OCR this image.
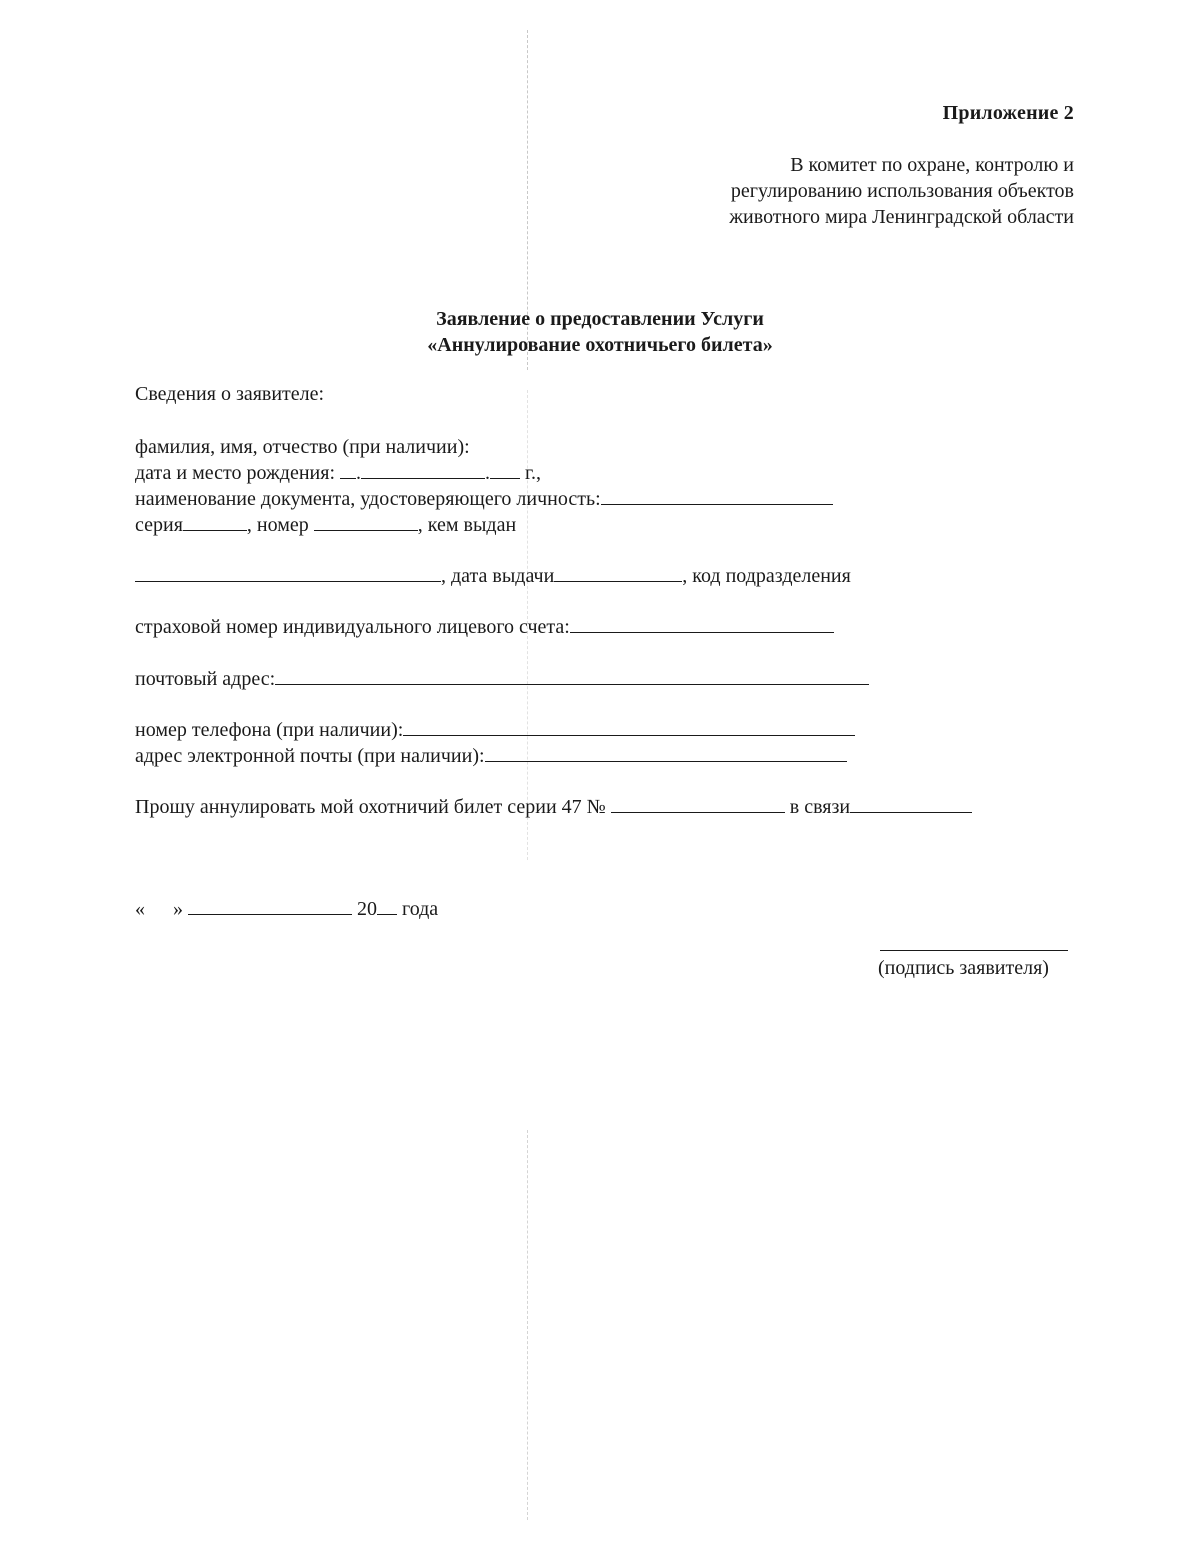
Приложение 2
В комитет по охране, контролю и
регулированию использования объектов
животного мира Ленинградской области
Заявление о предоставлении Услуги
«Аннулирование охотничьего билета»
Сведения о заявителе:
фамилия, имя, отчество (при наличии):
дата и место рождения: .	. г.,
наименование документа, удостоверяющего личность:
серия	, номер	, кем выдан
, дата выдачи	, код подразделения
страховой номер индивидуального лицевого счета:
почтовый адрес:
номер телефона (при наличии):
адрес электронной почты (при наличии):
Прошу аннулировать мой охотничий билет серии 47 №	в связи
« »	20 года
(подпись заявителя)
